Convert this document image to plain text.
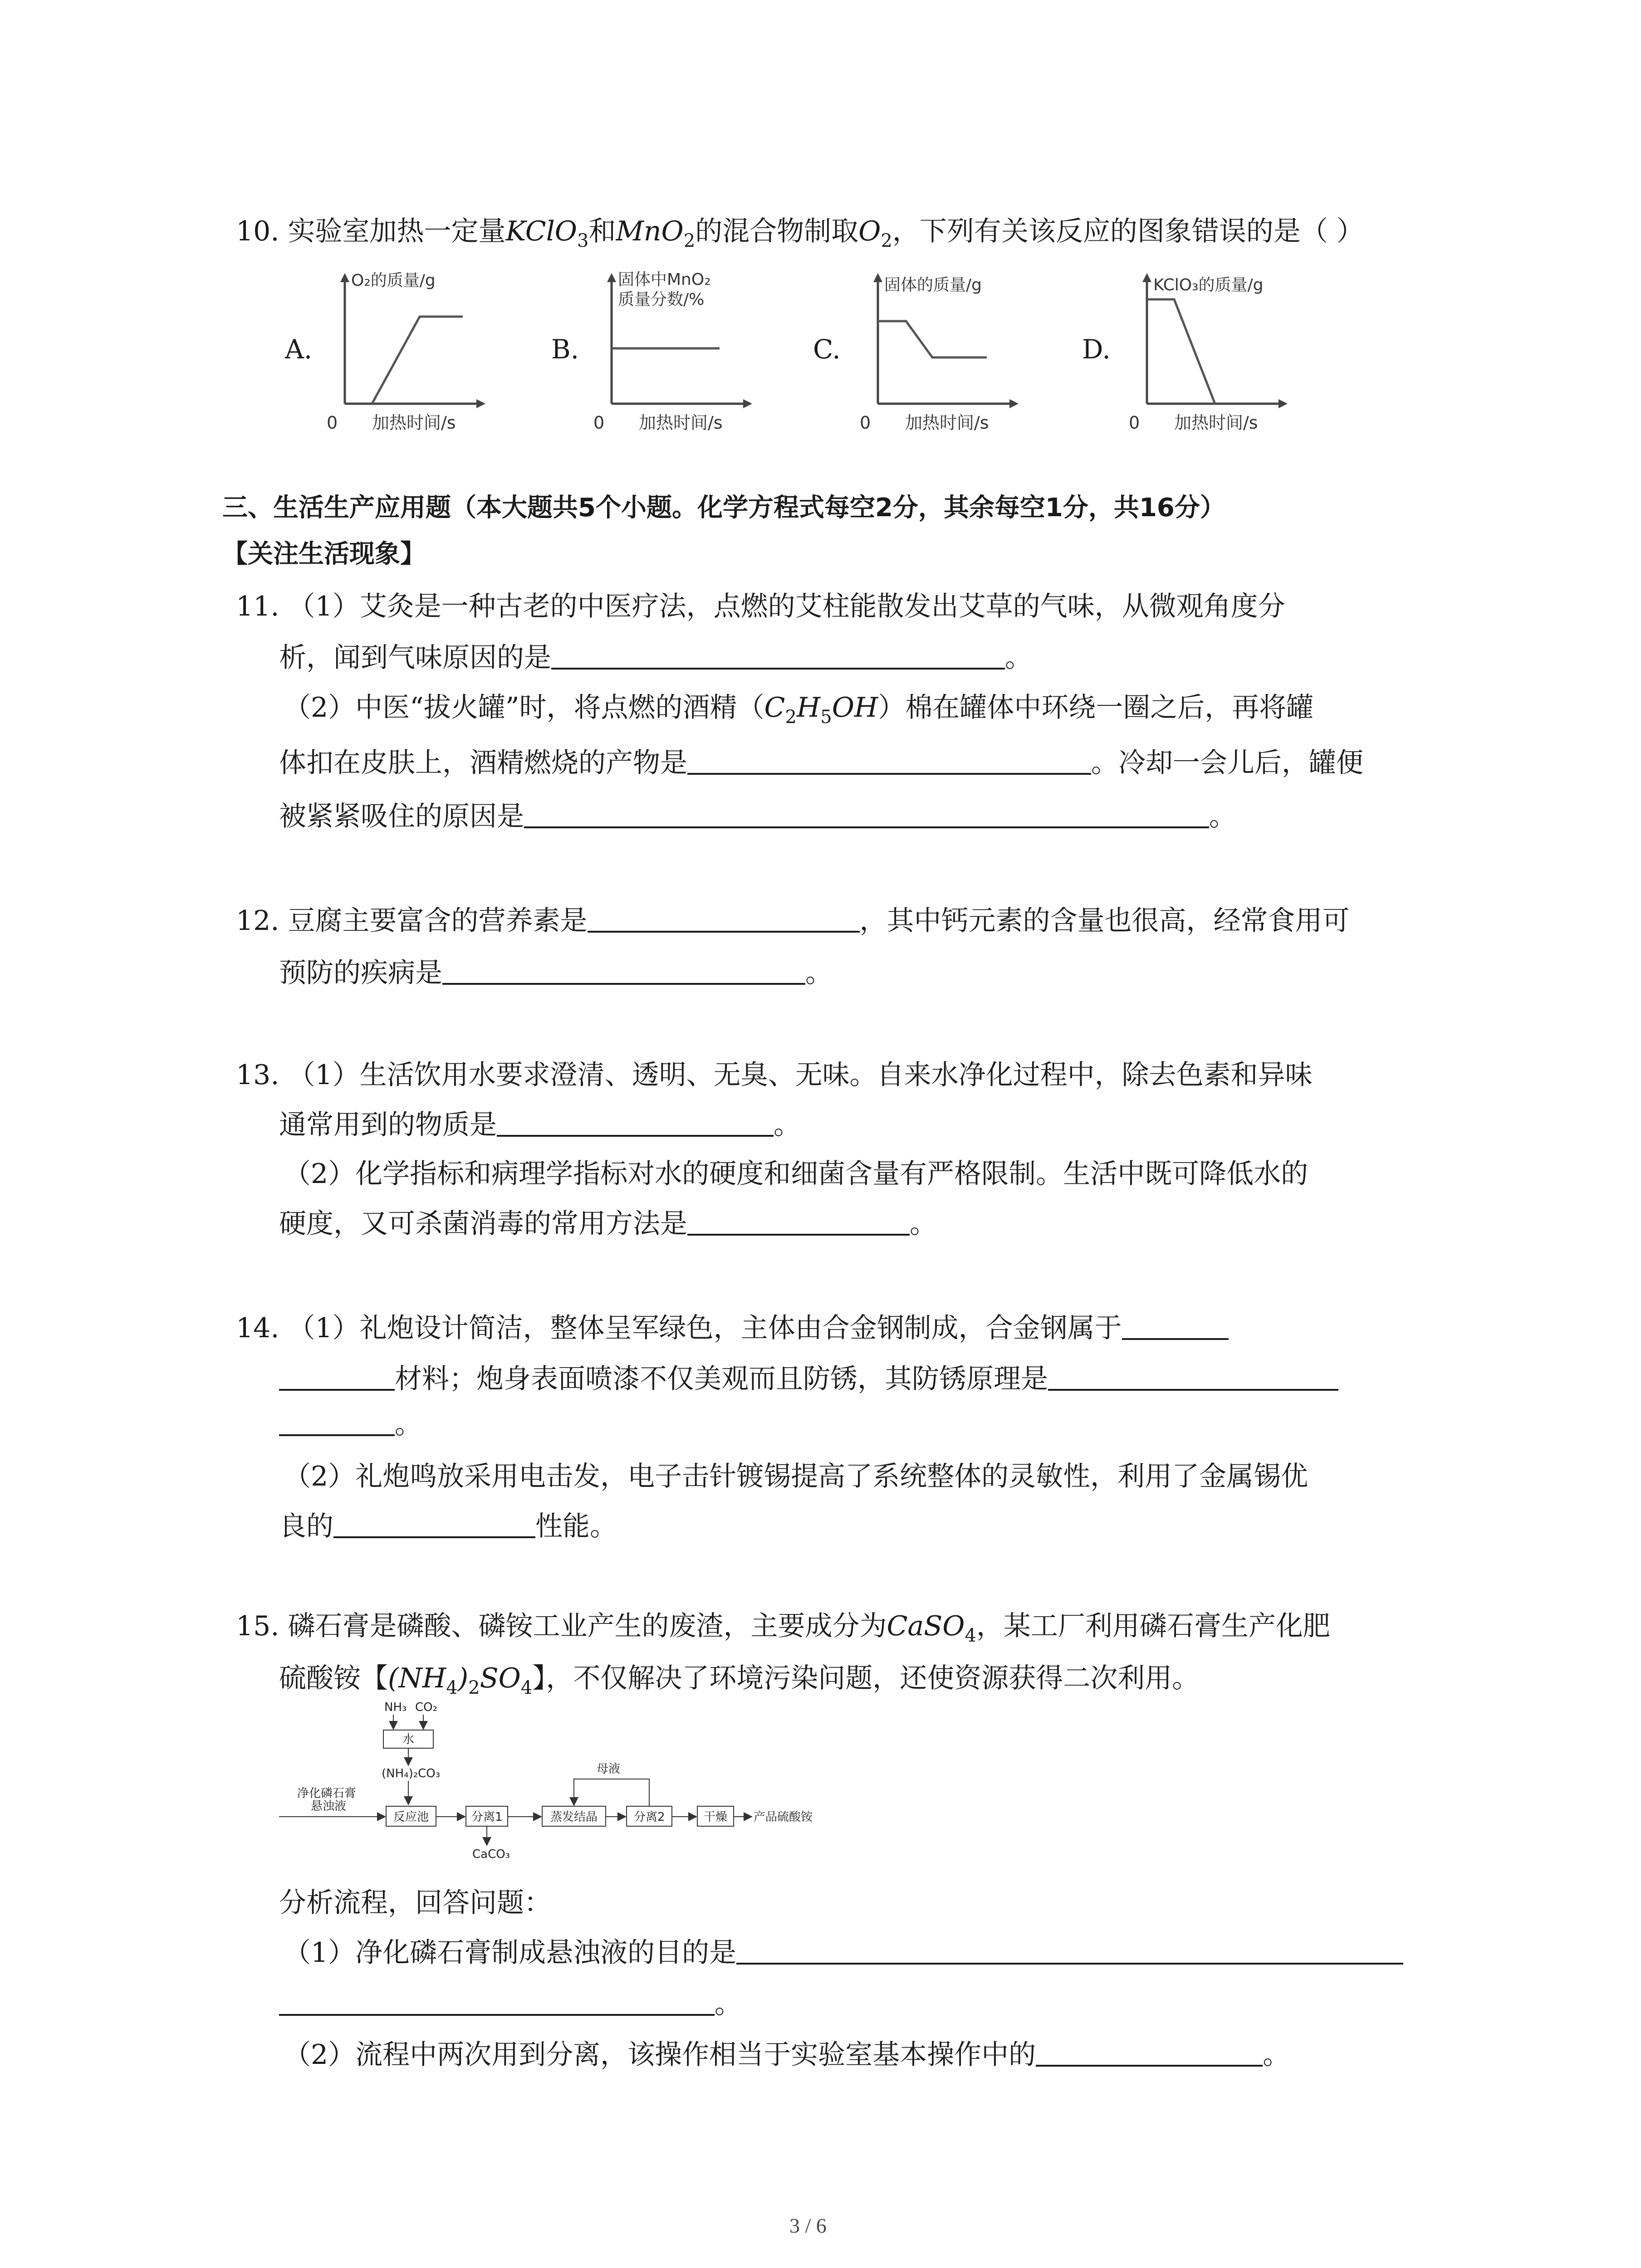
10. 实验室加热一定量KClO$_3$和MnO$_2$的混合物制取$O_2$，下列有关该反应的图象错误的是（ ）
A.
O₂的质量/g
0 加热时间/s
B.
固体中MnO₂
质量分数/%
0 加热时间/s
C.
固体的质量/g
0 加热时间/s
D.
KClO₃的质量/g
0 加热时间/s
三、生活生产应用题（本大题共5个小题。化学方程式每空2分，其余每空1分，共16分）
【关注生活现象】
11. （1）艾灸是一种古老的中医疗法，点燃的艾柱能散发出艾草的气味，从微观角度分
析，闻到气味原因的是	。
（2）中医“拔火罐”时，将点燃的酒精$(C_2H_5OH)$棉在罐体中环绕一圈之后，再将罐
体扣在皮肤上，酒精燃烧的产物是	。冷却一会儿后，罐便
被紧紧吸住的原因是	。
12. 豆腐主要富含的营养素是	，其中钙元素的含量也很高，经常食用可
预防的疾病是	。
13. （1）生活饮用水要求澄清、透明、无臭、无味。自来水净化过程中，除去色素和异味
通常用到的物质是	。
（2）化学指标和病理学指标对水的硬度和细菌含量有严格限制。生活中既可降低水的
硬度，又可杀菌消毒的常用方法是	。
14. （1）礼炮设计简洁，整体呈军绿色，主体由合金钢制成，合金钢属于
材料；炮身表面喷漆不仅美观而且防锈，其防锈原理是
。
（2）礼炮鸣放采用电击发，电子击针镀锡提高了系统整体的灵敏性，利用了金属锡优
良的	性能。
15. 磷石膏是磷酸、磷铵工业产生的废渣，主要成分为CaSO$_4$，某工厂利用磷石膏生产化肥
硫酸铵【$(NH_4)_2SO_4$】，不仅解决了环境污染问题，还使资源获得二次利用。
NH₃ CO₂
水
(NH₄)₂CO₃
净化磷石膏
悬浊液
反应池	分离1
CaCO₃
蒸发结晶	分离2
母液
干燥 产品硫酸铵
分析流程，回答问题：
（1）净化磷石膏制成悬浊液的目的是
。
（2）流程中两次用到分离，该操作相当于实验室基本操作中的	。
3 / 6
